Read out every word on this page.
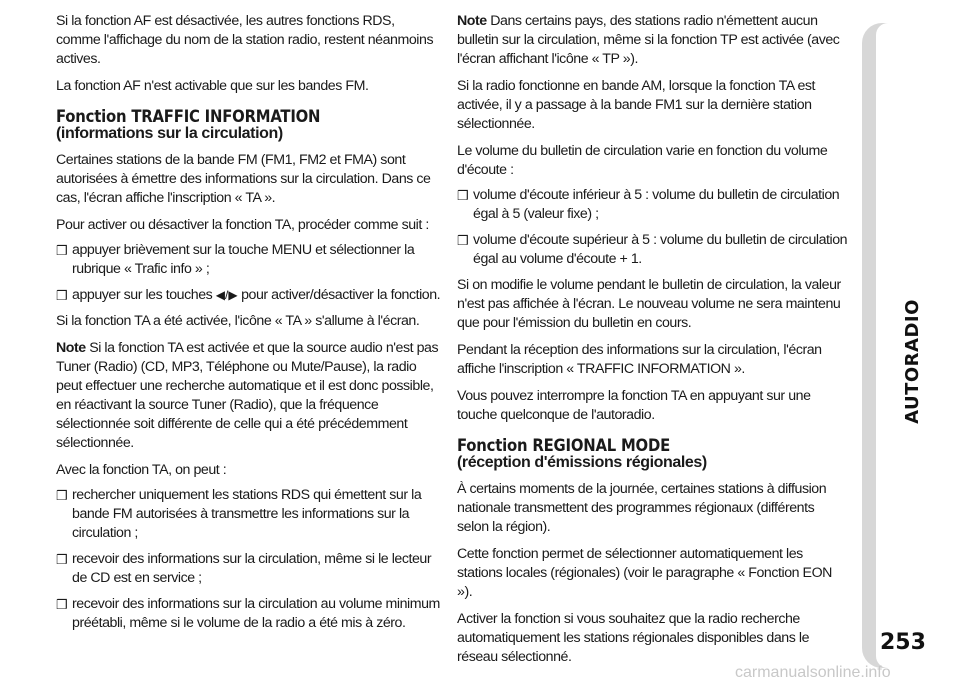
Si la fonction AF est désactivée, les autres fonctions RDS, comme l'affichage du nom de la station radio, restent néanmoins actives.

La fonction AF n'est activable que sur les bandes FM.

Fonction TRAFFIC INFORMATION
(informations sur la circulation)

Certaines stations de la bande FM (FM1, FM2 et FMA) sont autorisées à émettre des informations sur la circulation. Dans ce cas, l'écran affiche l'inscription « TA ».

Pour activer ou désactiver la fonction TA, procéder comme suit :

❒ appuyer brièvement sur la touche MENU et sélectionner la rubrique « Trafic info » ;
❒ appuyer sur les touches ◀/▶ pour activer/désactiver la fonction.

Si la fonction TA a été activée, l'icône « TA » s'allume à l'écran.

Note Si la fonction TA est activée et que la source audio n'est pas Tuner (Radio) (CD, MP3, Téléphone ou Mute/Pause), la radio peut effectuer une recherche automatique et il est donc possible, en réactivant la source Tuner (Radio), que la fréquence sélectionnée soit différente de celle qui a été précédemment sélectionnée.

Avec la fonction TA, on peut :

❒ rechercher uniquement les stations RDS qui émettent sur la bande FM autorisées à transmettre les informations sur la circulation ;
❒ recevoir des informations sur la circulation, même si le lecteur de CD est en service ;
❒ recevoir des informations sur la circulation au volume minimum préétabli, même si le volume de la radio a été mis à zéro.

Note Dans certains pays, des stations radio n'émettent aucun bulletin sur la circulation, même si la fonction TP est activée (avec l'écran affichant l'icône « TP »).

Si la radio fonctionne en bande AM, lorsque la fonction TA est activée, il y a passage à la bande FM1 sur la dernière station sélectionnée.

Le volume du bulletin de circulation varie en fonction du volume d'écoute :

❒ volume d'écoute inférieur à 5 : volume du bulletin de circulation égal à 5 (valeur fixe) ;
❒ volume d'écoute supérieur à 5 : volume du bulletin de circulation égal au volume d'écoute + 1.

Si on modifie le volume pendant le bulletin de circulation, la valeur n'est pas affichée à l'écran. Le nouveau volume ne sera maintenu que pour l'émission du bulletin en cours.

Pendant la réception des informations sur la circulation, l'écran affiche l'inscription « TRAFFIC INFORMATION ».

Vous pouvez interrompre la fonction TA en appuyant sur une touche quelconque de l'autoradio.

Fonction REGIONAL MODE
(réception d'émissions régionales)

À certains moments de la journée, certaines stations à diffusion nationale transmettent des programmes régionaux (différents selon la région).

Cette fonction permet de sélectionner automatiquement les stations locales (régionales) (voir le paragraphe « Fonction EON »).

Activer la fonction si vous souhaitez que la radio recherche automatiquement les stations régionales disponibles dans le réseau sélectionné.

AUTORADIO
253
carmanualsonline.info
